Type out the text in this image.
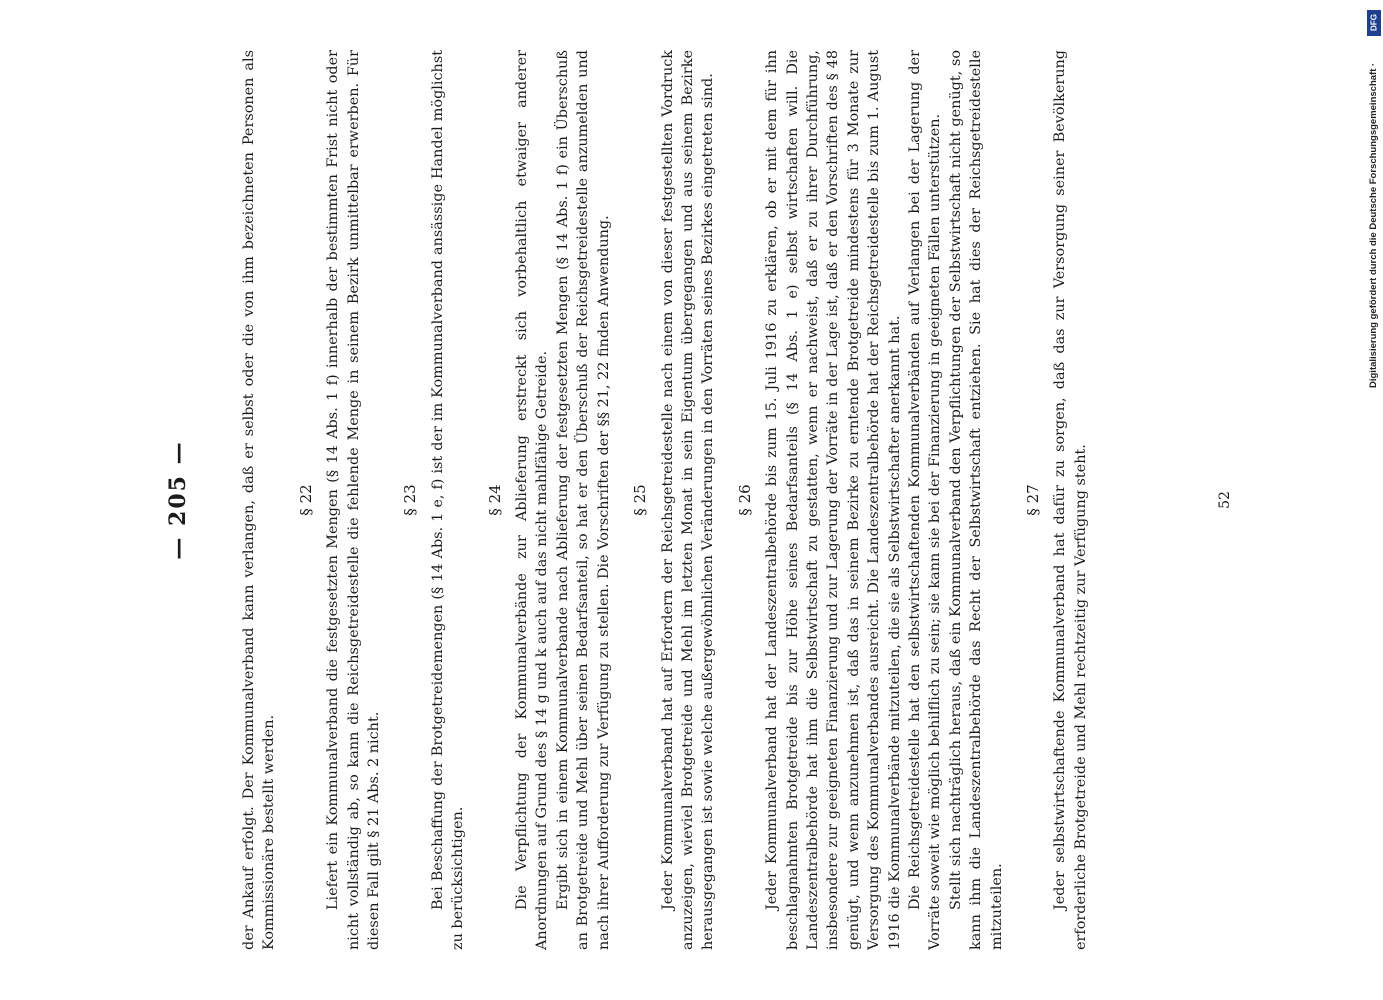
— 205 —	der Ankauf erfolgt. Der Kommunalverband kann verlangen, daß er selbst oder die von ihm bezeichneten Personen als Kommissionäre bestellt werden.

§ 22 Liefert ein Kommunalverband die festgesetzten Mengen (§ 14 Abs. 1 f) innerhalb der bestimmten Frist nicht oder nicht vollständig ab, so kann die Reichsgetreidestelle die fehlende Menge in seinem Bezirk unmittelbar erwerben. Für diesen Fall gilt § 21 Abs. 2 nicht.

§ 23 Bei Beschaffung der Brotgetreidemengen (§ 14 Abs. 1 e, f) ist der im Kommunalverband ansässige Handel möglichst zu berücksichtigen.

§ 24 Die Verpflichtung der Kommunalverbände zur Ablieferung erstreckt sich vorbehaltlich etwaiger anderer Anordnungen auf Grund des § 14 g und k auch auf das nicht mahlfähige Getreide. Ergibt sich in einem Kommunalverbande nach Ablieferung der festgesetzten Mengen (§ 14 Abs. 1 f) ein Überschuß an Brotgetreide und Mehl über seinen Bedarfsanteil, so hat er den Überschuß der Reichsgetreidestelle anzumelden und nach ihrer Aufforderung zur Verfügung zu stellen. Die Vorschriften der §§ 21, 22 finden Anwendung. § 25 Jeder Kommunalverband hat auf Erfordern der Reichsgetreidestelle nach einem von dieser festgestellten Vordruck anzuzeigen, wieviel Brotgetreide und Mehl im letzten Monat in sein Eigentum übergegangen und aus seinem Bezirke herausgegangen ist sowie welche außergewöhnlichen Veränderungen in den Vorräten seines Bezirkes eingetreten sind. § 26 Jeder Kommunalverband hat der Landeszentralbehörde bis zum 15. Juli 1916 zu erklären, ob er mit dem für ihn beschlagnahmten Brotgetreide bis zur Höhe seines Bedarfsanteils (§ 14 Abs. 1 e) selbst wirtschaften will. Die Landeszentralbehörde hat ihm die Selbstwirtschaft zu gestatten, wenn er nachweist, daß er zu ihrer Durchführung, insbesondere zur geeigneten Finanzierung und zur Lagerung der Vorräte in der Lage ist, daß er den Vorschriften des § 48 genügt, und wenn anzunehmen ist, daß das in seinem Bezirke zu erntende Brotgetreide mindestens für 3 Monate zur Versorgung des Kommunalverbandes ausreicht. Die Landeszentralbehörde hat der Reichsgetreidestelle bis zum 1. August 1916 die Kommunalverbände mitzuteilen, die sie als Selbstwirtschafter anerkannt hat. Die Reichsgetreidestelle hat den selbstwirtschaftenden Kommunalverbänden auf Verlangen bei der Lagerung der Vorräte soweit wie möglich behilflich zu sein; sie kann sie bei der Finanzierung in geeigneten Fällen unterstützen. Stellt sich nachträglich heraus, daß ein Kommunalverband den Verpflichtungen der Selbstwirtschaft nicht genügt, so kann ihm die Landeszentralbehörde das Recht der Selbstwirtschaft entziehen. Sie hat dies der Reichsgetreidestelle mitzuteilen.

§ 27 Jeder selbstwirtschaftende Kommunalverband hat dafür zu sorgen, daß das zur Versorgung seiner Bevölkerung erforderliche Brotgetreide und Mehl rechtzeitig zur Verfügung steht.	52
Digitalisierung gefördert durch die Deutsche Forschungsgemeinschaft ·
DFG
